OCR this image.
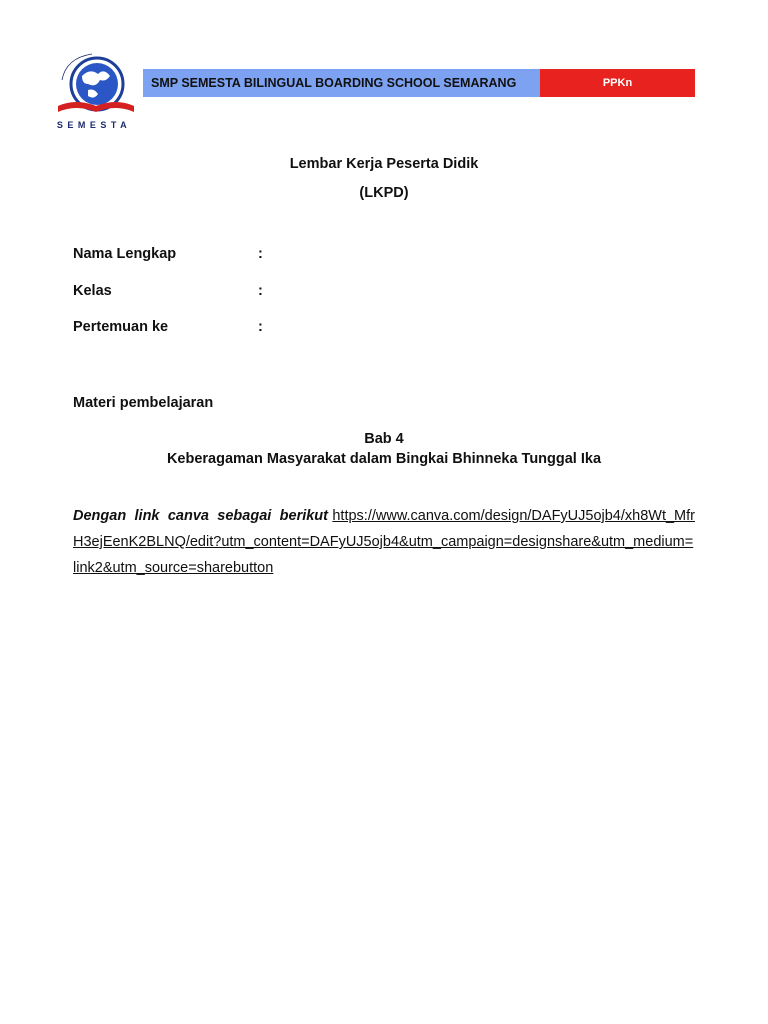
SEMESTA
SMP SEMESTA BILINGUAL BOARDING SCHOOL SEMARANG	PPKn
Lembar Kerja Peserta Didik
(LKPD)
Nama Lengkap	:
Kelas	:
Pertemuan ke	:
Materi pembelajaran
Bab 4
Keberagaman Masyarakat dalam Bingkai Bhinneka Tunggal Ika
Dengan link canva sebagai berikut https://www.canva.com/design/DAFyUJ5ojb4/xh8Wt_MfrH3ejEenK2BLNQ/edit?utm_content=DAFyUJ5ojb4&utm_campaign=designshare&utm_medium=link2&utm_source=sharebutton
